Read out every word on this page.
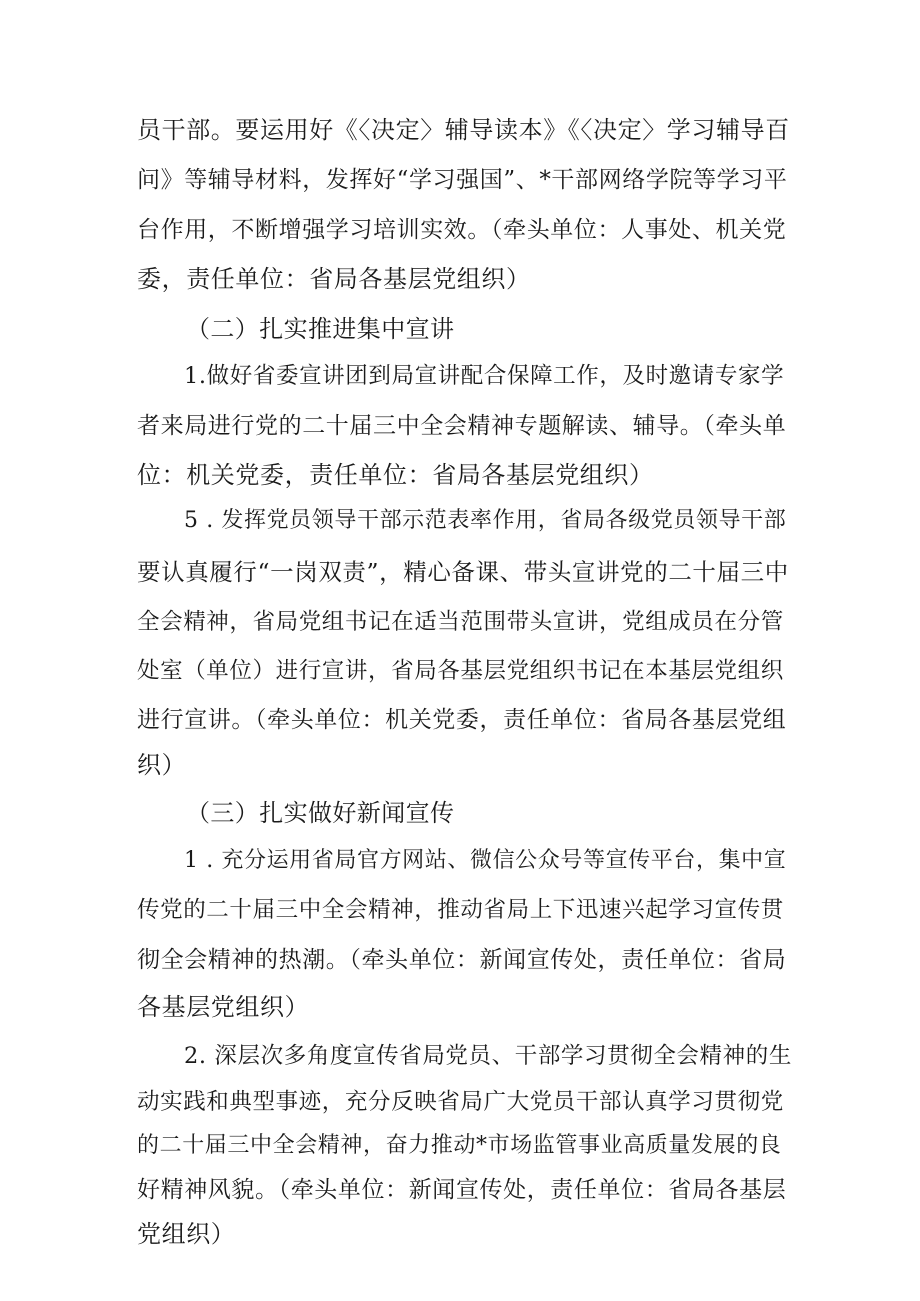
员干部。要运用好《〈决定〉辅导读本》《〈决定〉学习辅导百
问》等辅导材料，发挥好“学习强国”、*干部网络学院等学习平
台作用，不断增强学习培训实效。（牵头单位：人事处、机关党
委，责任单位：省局各基层党组织）
（二）扎实推进集中宣讲
1.做好省委宣讲团到局宣讲配合保障工作，及时邀请专家学
者来局进行党的二十届三中全会精神专题解读、辅导。（牵头单
位：机关党委，责任单位：省局各基层党组织）
5 . 发挥党员领导干部示范表率作用，省局各级党员领导干部
要认真履行“一岗双责”，精心备课、带头宣讲党的二十届三中
全会精神，省局党组书记在适当范围带头宣讲，党组成员在分管
处室（单位）进行宣讲，省局各基层党组织书记在本基层党组织
进行宣讲。（牵头单位：机关党委，责任单位：省局各基层党组
织）
（三）扎实做好新闻宣传
1 . 充分运用省局官方网站、微信公众号等宣传平台，集中宣
传党的二十届三中全会精神，推动省局上下迅速兴起学习宣传贯
彻全会精神的热潮。（牵头单位：新闻宣传处，责任单位：省局
各基层党组织）
2. 深层次多角度宣传省局党员、干部学习贯彻全会精神的生
动实践和典型事迹，充分反映省局广大党员干部认真学习贯彻党
的二十届三中全会精神，奋力推动*市场监管事业高质量发展的良
好精神风貌。（牵头单位：新闻宣传处，责任单位：省局各基层
党组织）
